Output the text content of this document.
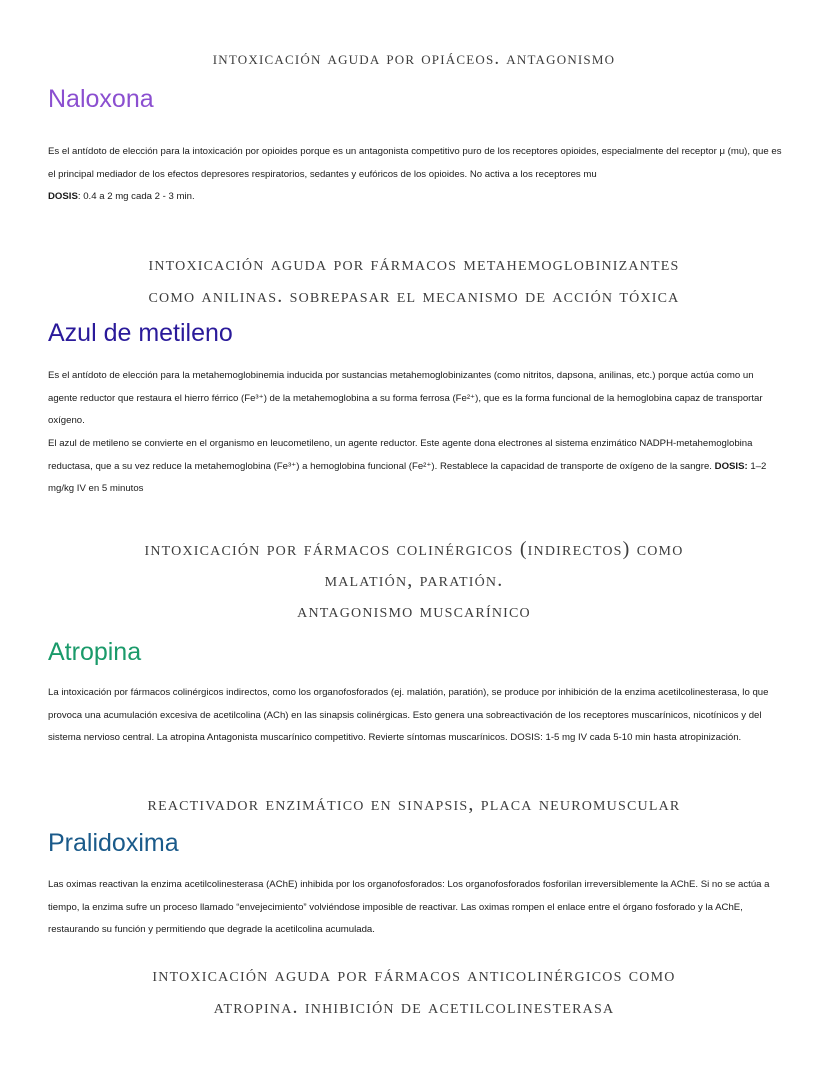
intoxicación aguda por opiáceos. antagonismo
Naloxona

Es el antídoto de elección para la intoxicación por opioides porque es un antagonista competitivo puro de los receptores opioides, especialmente del receptor μ (mu), que es el principal mediador de los efectos depresores respiratorios, sedantes y eufóricos de los opioides. No activa a los receptores mu
DOSIS: 0.4 a 2 mg cada 2 - 3 min.

intoxicación aguda por fármacos metahemoglobinizantes
como anilinas. sobrepasar el mecanismo de acción tóxica
Azul de metileno

Es el antídoto de elección para la metahemoglobinemia inducida por sustancias metahemoglobinizantes (como nitritos, dapsona, anilinas, etc.) porque actúa como un agente reductor que restaura el hierro férrico (Fe³⁺) de la metahemoglobina a su forma ferrosa (Fe²⁺), que es la forma funcional de la hemoglobina capaz de transportar oxígeno.

El azul de metileno se convierte en el organismo en leucometileno, un agente reductor. Este agente dona electrones al sistema enzimático NADPH-metahemoglobina reductasa, que a su vez reduce la metahemoglobina (Fe³⁺) a hemoglobina funcional (Fe²⁺). Restablece la capacidad de transporte de oxígeno de la sangre. DOSIS: 1–2 mg/kg IV en 5 minutos

intoxicación por fármacos colinérgicos (indirectos) como
malatión, paratión.
antagonismo muscarínico
Atropina

La intoxicación por fármacos colinérgicos indirectos, como los organofosforados (ej. malatión, paratión), se produce por inhibición de la enzima acetilcolinesterasa, lo que provoca una acumulación excesiva de acetilcolina (ACh) en las sinapsis colinérgicas. Esto genera una sobreactivación de los receptores muscarínicos, nicotínicos y del sistema nervioso central. La atropina Antagonista muscarínico competitivo. Revierte síntomas muscarínicos. DOSIS: 1-5 mg IV cada 5-10 min hasta atropinización.

reactivador enzimático en sinapsis, placa neuromuscular
Pralidoxima

Las oximas reactivan la enzima acetilcolinesterasa (AChE) inhibida por los organofosforados: Los organofosforados fosforilan irreversiblemente la AChE. Si no se actúa a tiempo, la enzima sufre un proceso llamado “envejecimiento” volviéndose imposible de reactivar. Las oximas rompen el enlace entre el órgano fosforado y la AChE, restaurando su función y permitiendo que degrade la acetilcolina acumulada.

intoxicación aguda por fármacos anticolinérgicos como
atropina. inhibición de acetilcolinesterasa
